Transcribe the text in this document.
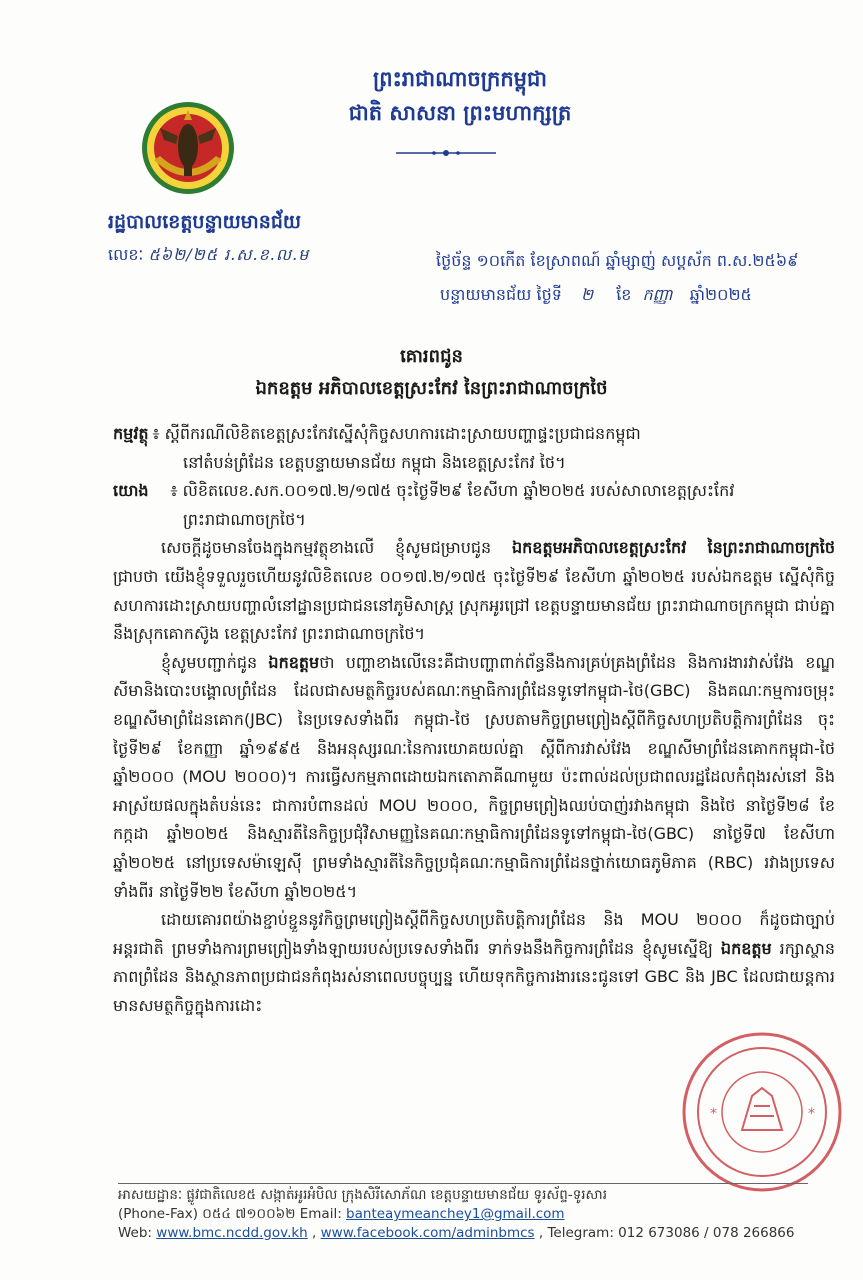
ព្រះរាជាណាចក្រកម្ពុជា
ជាតិ សាសនា ព្រះមហាក្សត្រ
រដ្ឋបាលខេត្តបន្ទាយមានជ័យ
លេខៈ ៥៦២/២៥ រ.ស.ខ.ល.ម	ថ្ងៃច័ន្ទ ១០កើត ខែស្រាពណ៍ ឆ្នាំម្សាញ់ សប្តស័ក ព.ស.២៥៦៩
បន្ទាយមានជ័យ ថ្ងៃទី ២ ខែ កញ្ញា ឆ្នាំ២០២៥
គោរពជូន
ឯកឧត្តម អភិបាលខេត្តស្រះកែវ នៃព្រះរាជាណាចក្រថៃ
កម្មវត្ថុ ៖ ស្តីពីករណីលិខិតខេត្តស្រះកែវស្នើសុំកិច្ចសហការដោះស្រាយបញ្ហាផ្ទះប្រជាជនកម្ពុជា
នៅតំបន់ព្រំដែន ខេត្តបន្ទាយមានជ័យ កម្ពុជា និងខេត្តស្រះកែវ ថៃ។
យោង ៖ លិខិតលេខ.សក.០០១៧.២/១៧៥ ចុះថ្ងៃទី២៩ ខែសីហា ឆ្នាំ២០២៥ របស់សាលាខេត្តស្រះកែវ
ព្រះរាជាណាចក្រថៃ។

សេចក្តីដូចមានចែងក្នុងកម្មវត្ថុខាងលើ ខ្ញុំសូមជម្រាបជូន ឯកឧត្តមអភិបាលខេត្តស្រះកែវ នៃព្រះរាជាណាចក្រថៃ ជ្រាបថា យើងខ្ញុំទទួលរួចហើយនូវលិខិតលេខ ០០១៧.២/១៧៥ ចុះថ្ងៃទី២៩ ខែសីហា ឆ្នាំ២០២៥ របស់ឯកឧត្តម ស្នើសុំកិច្ចសហការដោះស្រាយបញ្ហាលំនៅដ្ឋានប្រជាជននៅភូមិសាស្ត្រ ស្រុកអូរជ្រៅ ខេត្តបន្ទាយមានជ័យ ព្រះរាជាណាចក្រកម្ពុជា ជាប់គ្នានឹងស្រុកគោកស៊ូង ខេត្តស្រះកែវ ព្រះរាជាណាចក្រថៃ។

ខ្ញុំសូមបញ្ជាក់ជូន ឯកឧត្តមថា បញ្ហាខាងលើនេះគឺជាបញ្ហាពាក់ព័ន្ធនឹងការគ្រប់គ្រងព្រំដែន និងការងារវាស់វែង ខណ្ឌសីមានិងបោះបង្គោលព្រំដែន ដែលជាសមត្ថកិច្ចរបស់គណៈកម្មាធិការព្រំដែនទូទៅកម្ពុជា-ថៃ(GBC) និងគណៈកម្មការចម្រុះខណ្ឌសីមាព្រំដែនគោក(JBC) នៃប្រទេសទាំងពីរ កម្ពុជា-ថៃ ស្របតាមកិច្ចព្រមព្រៀងស្តីពីកិច្ចសហប្រតិបត្តិការព្រំដែន ចុះថ្ងៃទី២៩ ខែកញ្ញា ឆ្នាំ១៩៩៥ និងអនុស្សរណៈនៃការយោគយល់គ្នា ស្តីពីការវាស់វែង ខណ្ឌសីមាព្រំដែនគោកកម្ពុជា-ថៃ ឆ្នាំ២០០០ (MOU ២០០០)។ ការធ្វើសកម្មភាពដោយឯកតោភាគីណាមួយ ប៉ះពាល់ដល់ប្រជាពលរដ្ឋដែលកំពុងរស់នៅ និងអាស្រ័យផលក្នុងតំបន់នេះ ជាការបំពានដល់ MOU ២០០០, កិច្ចព្រមព្រៀងឈប់បាញ់រវាងកម្ពុជា និងថៃ នាថ្ងៃទី២៨ ខែកក្កដា ឆ្នាំ២០២៥ និងស្មារតីនៃកិច្ចប្រជុំវិសាមញ្ញនៃគណៈកម្មាធិការព្រំដែនទូទៅកម្ពុជា-ថៃ(GBC) នាថ្ងៃទី៧ ខែសីហា ឆ្នាំ២០២៥ នៅប្រទេសម៉ាឡេស៊ី ព្រមទាំងស្មារតីនៃកិច្ចប្រជុំគណៈកម្មាធិការព្រំដែនថ្នាក់យោធភូមិភាគ (RBC) រវាងប្រទេសទាំងពីរ នាថ្ងៃទី២២ ខែសីហា ឆ្នាំ២០២៥។

ដោយគោរពយ៉ាងខ្ជាប់ខ្ជួននូវកិច្ចព្រមព្រៀងស្តីពីកិច្ចសហប្រតិបត្តិការព្រំដែន និង MOU ២០០០ ក៏ដូចជាច្បាប់អន្តរជាតិ ព្រមទាំងការព្រមព្រៀងទាំងឡាយរបស់ប្រទេសទាំងពីរ ទាក់ទងនឹងកិច្ចការព្រំដែន ខ្ញុំសូមស្នើឱ្យ ឯកឧត្តម រក្សាស្ថានភាពព្រំដែន និងស្ថានភាពប្រជាជនកំពុងរស់នាពេលបច្ចុប្បន្ន ហើយទុកកិច្ចការងារនេះជូនទៅ GBC និង JBC ដែលជាយន្តការមានសមត្ថកិច្ចក្នុងការដោះ

*	*
អាសយដ្ឋានៈ ផ្លូវជាតិលេខ៥ សង្កាត់អូរអំបិល ក្រុងសិរីសោភ័ណ ខេត្តបន្ទាយមានជ័យ ទូរស័ព្ទ-ទូរសារ
(Phone-Fax) ០៥៤ ៧១០០៦២ Email: banteaymeanchey1@gmail.com
Web: www.bmc.ncdd.gov.kh , www.facebook.com/adminbmcs , Telegram: 012 673086 / 078 266866
